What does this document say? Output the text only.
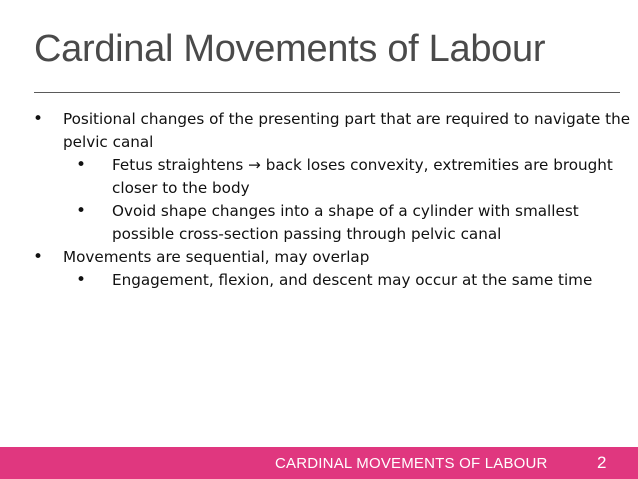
Cardinal Movements of Labour
• Positional changes of the presenting part that are required to navigate the pelvic canal
• Fetus straightens → back loses convexity, extremities are brought closer to the body
• Ovoid shape changes into a shape of a cylinder with smallest possible cross-section passing through pelvic canal
• Movements are sequential, may overlap
• Engagement, flexion, and descent may occur at the same time
CARDINAL MOVEMENTS OF LABOUR	2
